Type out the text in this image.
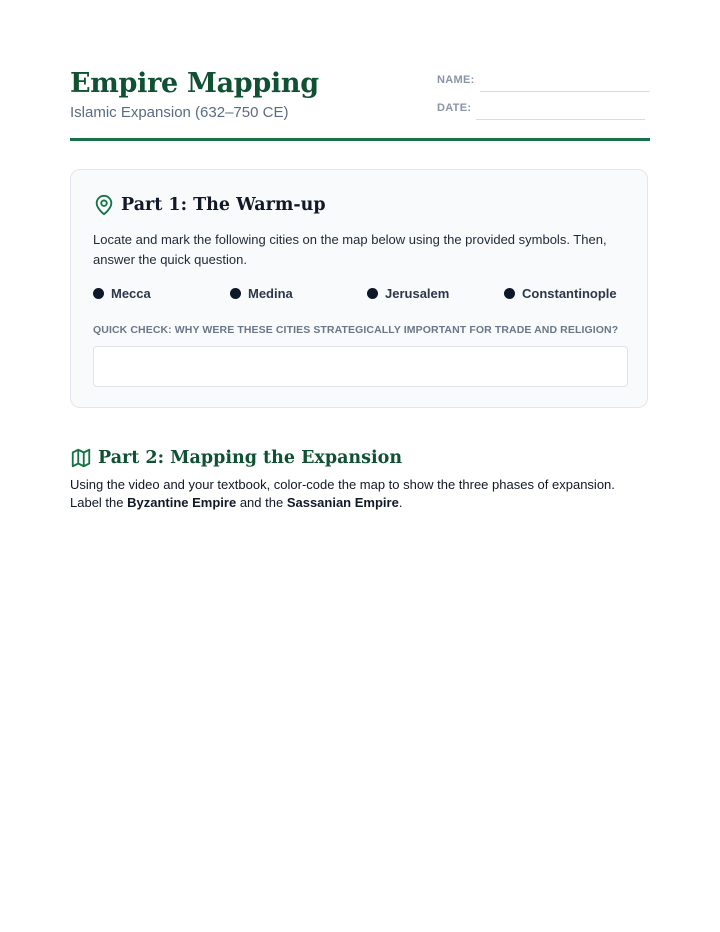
Empire Mapping
Islamic Expansion (632–750 CE)
NAME:
DATE:
Part 1: The Warm-up
Locate and mark the following cities on the map below using the provided symbols. Then, answer the quick question.
Mecca	Medina	Jerusalem	Constantinople
QUICK CHECK: WHY WERE THESE CITIES STRATEGICALLY IMPORTANT FOR TRADE AND RELIGION?
Part 2: Mapping the Expansion

Using the video and your textbook, color-code the map to show the three phases of expansion. Label the Byzantine Empire and the Sassanian Empire.
